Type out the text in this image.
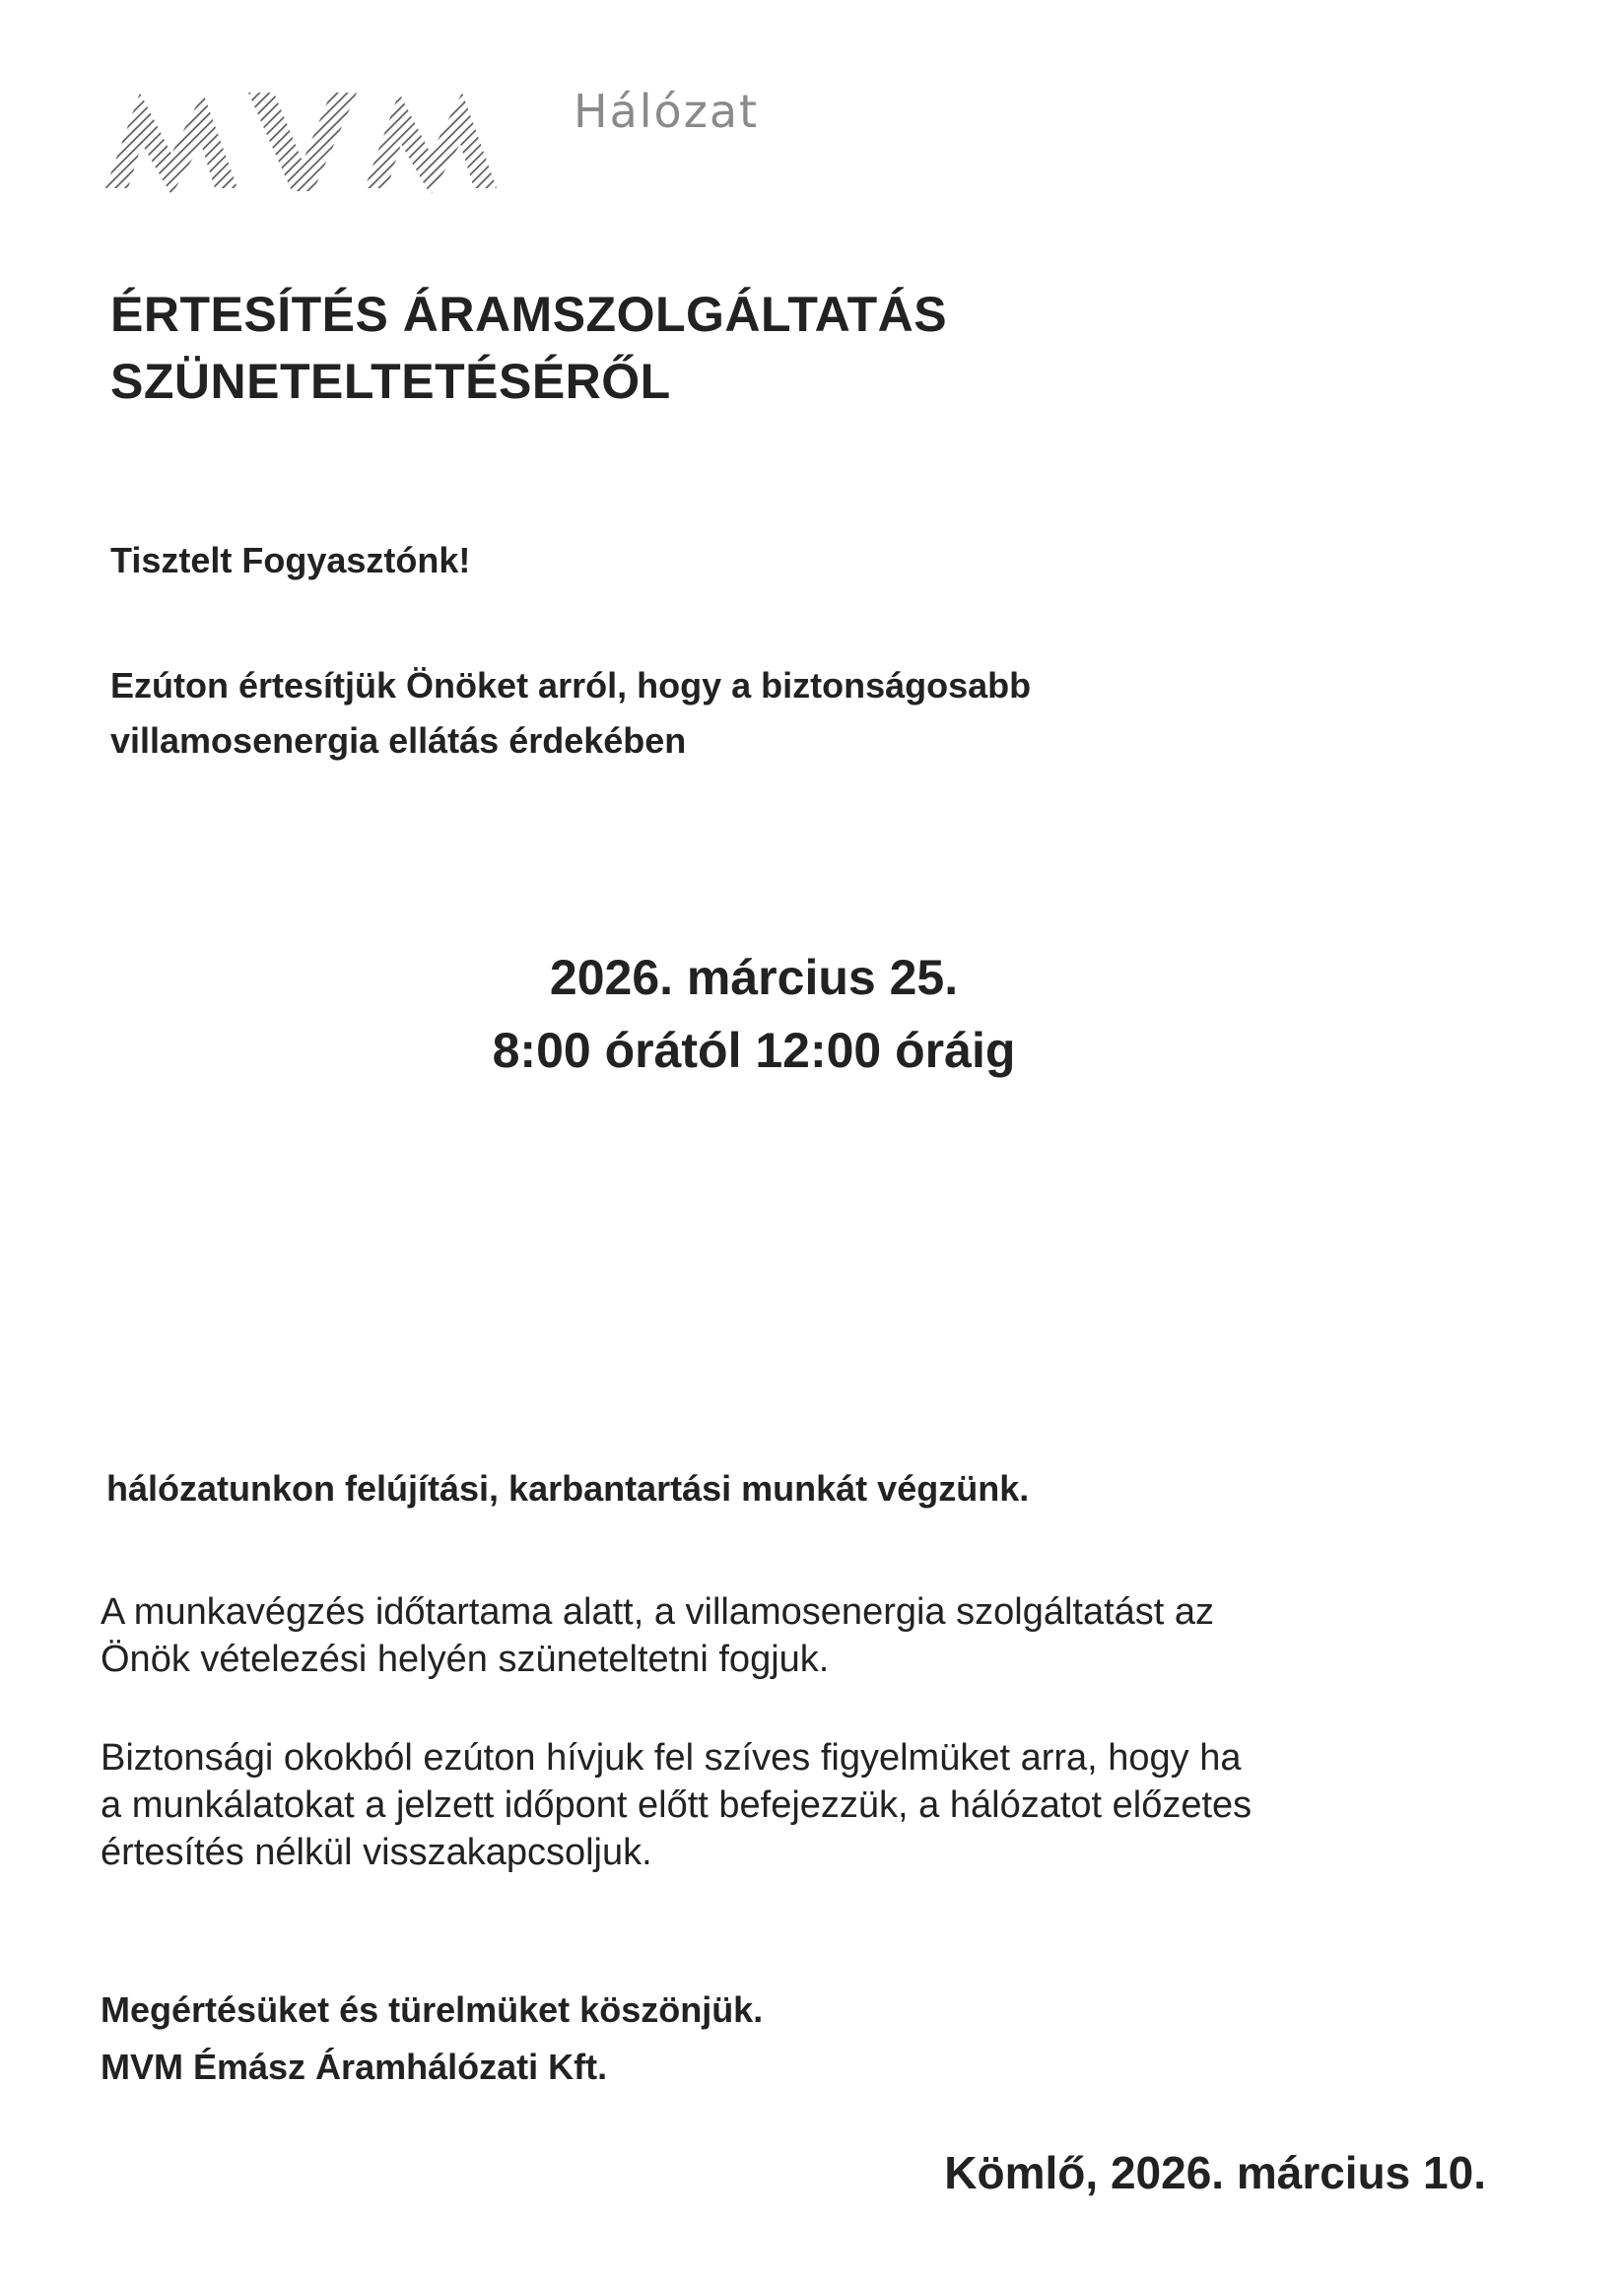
Hálózat
ÉRTESÍTÉS ÁRAMSZOLGÁLTATÁS
SZÜNETELTETÉSÉRŐL
Tisztelt Fogyasztónk!
Ezúton értesítjük Önöket arról, hogy a biztonságosabb
villamosenergia ellátás érdekében
2026. március 25.
8:00 órától 12:00 óráig
hálózatunkon felújítási, karbantartási munkát végzünk.
A munkavégzés időtartama alatt, a villamosenergia szolgáltatást az
Önök vételezési helyén szüneteltetni fogjuk.
Biztonsági okokból ezúton hívjuk fel szíves figyelmüket arra, hogy ha
a munkálatokat a jelzett időpont előtt befejezzük, a hálózatot előzetes
értesítés nélkül visszakapcsoljuk.
Megértésüket és türelmüket köszönjük.
MVM Émász Áramhálózati Kft.
Kömlő, 2026. március 10.
